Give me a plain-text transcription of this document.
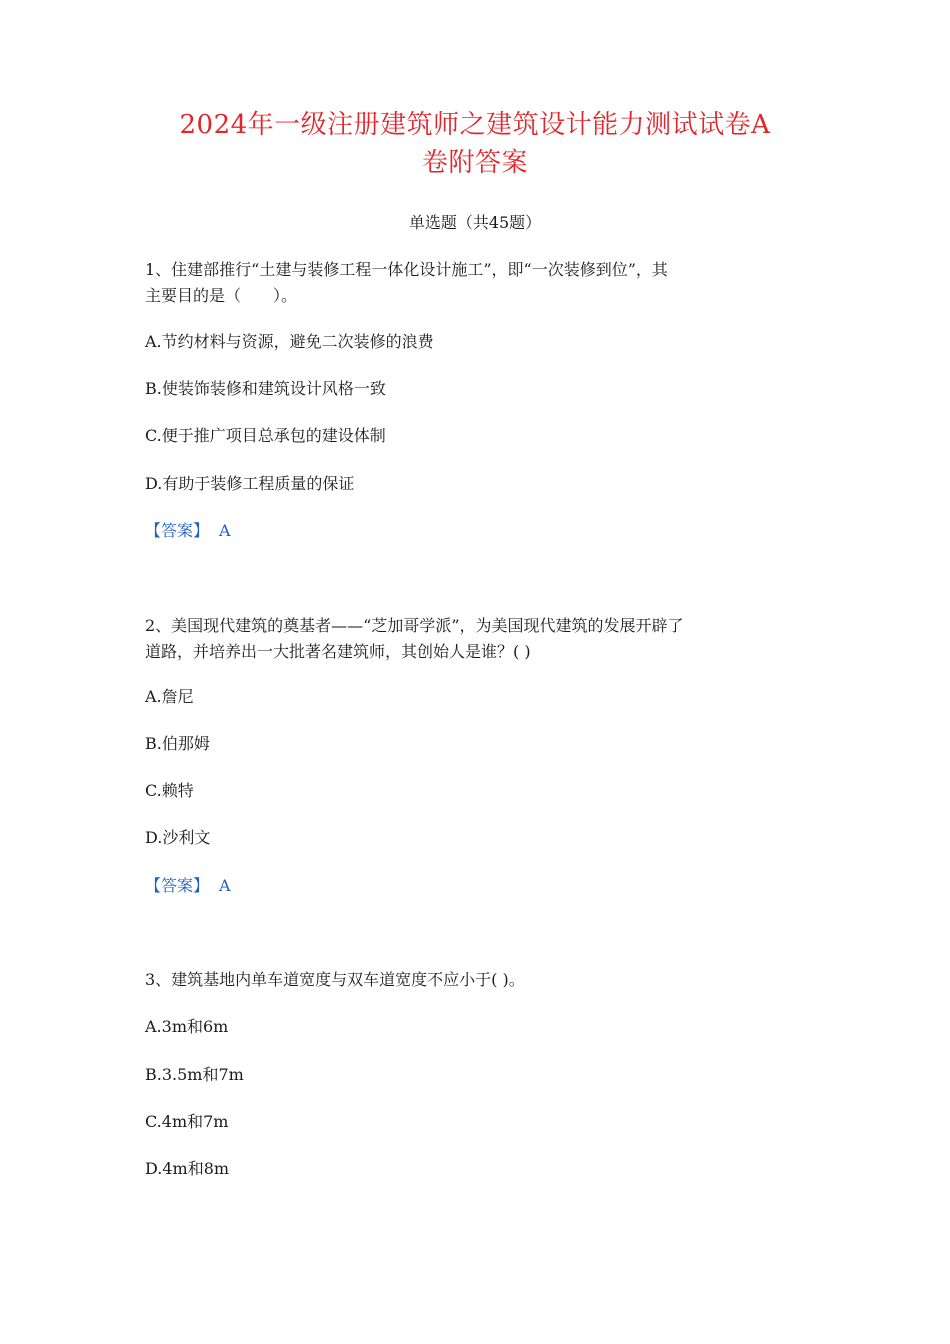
2024年一级注册建筑师之建筑设计能力测试试卷A
卷附答案
单选题（共45题）
1、住建部推行“土建与装修工程一体化设计施工”，即“一次装修到位”，其
主要目的是（　　）。
A.节约材料与资源，避免二次装修的浪费
B.使装饰装修和建筑设计风格一致
C.便于推广项目总承包的建设体制
D.有助于装修工程质量的保证
【答案】 A
2、美国现代建筑的奠基者——“芝加哥学派”，为美国现代建筑的发展开辟了
道路，并培养出一大批著名建筑师，其创始人是谁？( )
A.詹尼
B.伯那姆
C.赖特
D.沙利文
【答案】 A
3、建筑基地内单车道宽度与双车道宽度不应小于( )。
A.3m和6m
B.3.5m和7m
C.4m和7m
D.4m和8m
